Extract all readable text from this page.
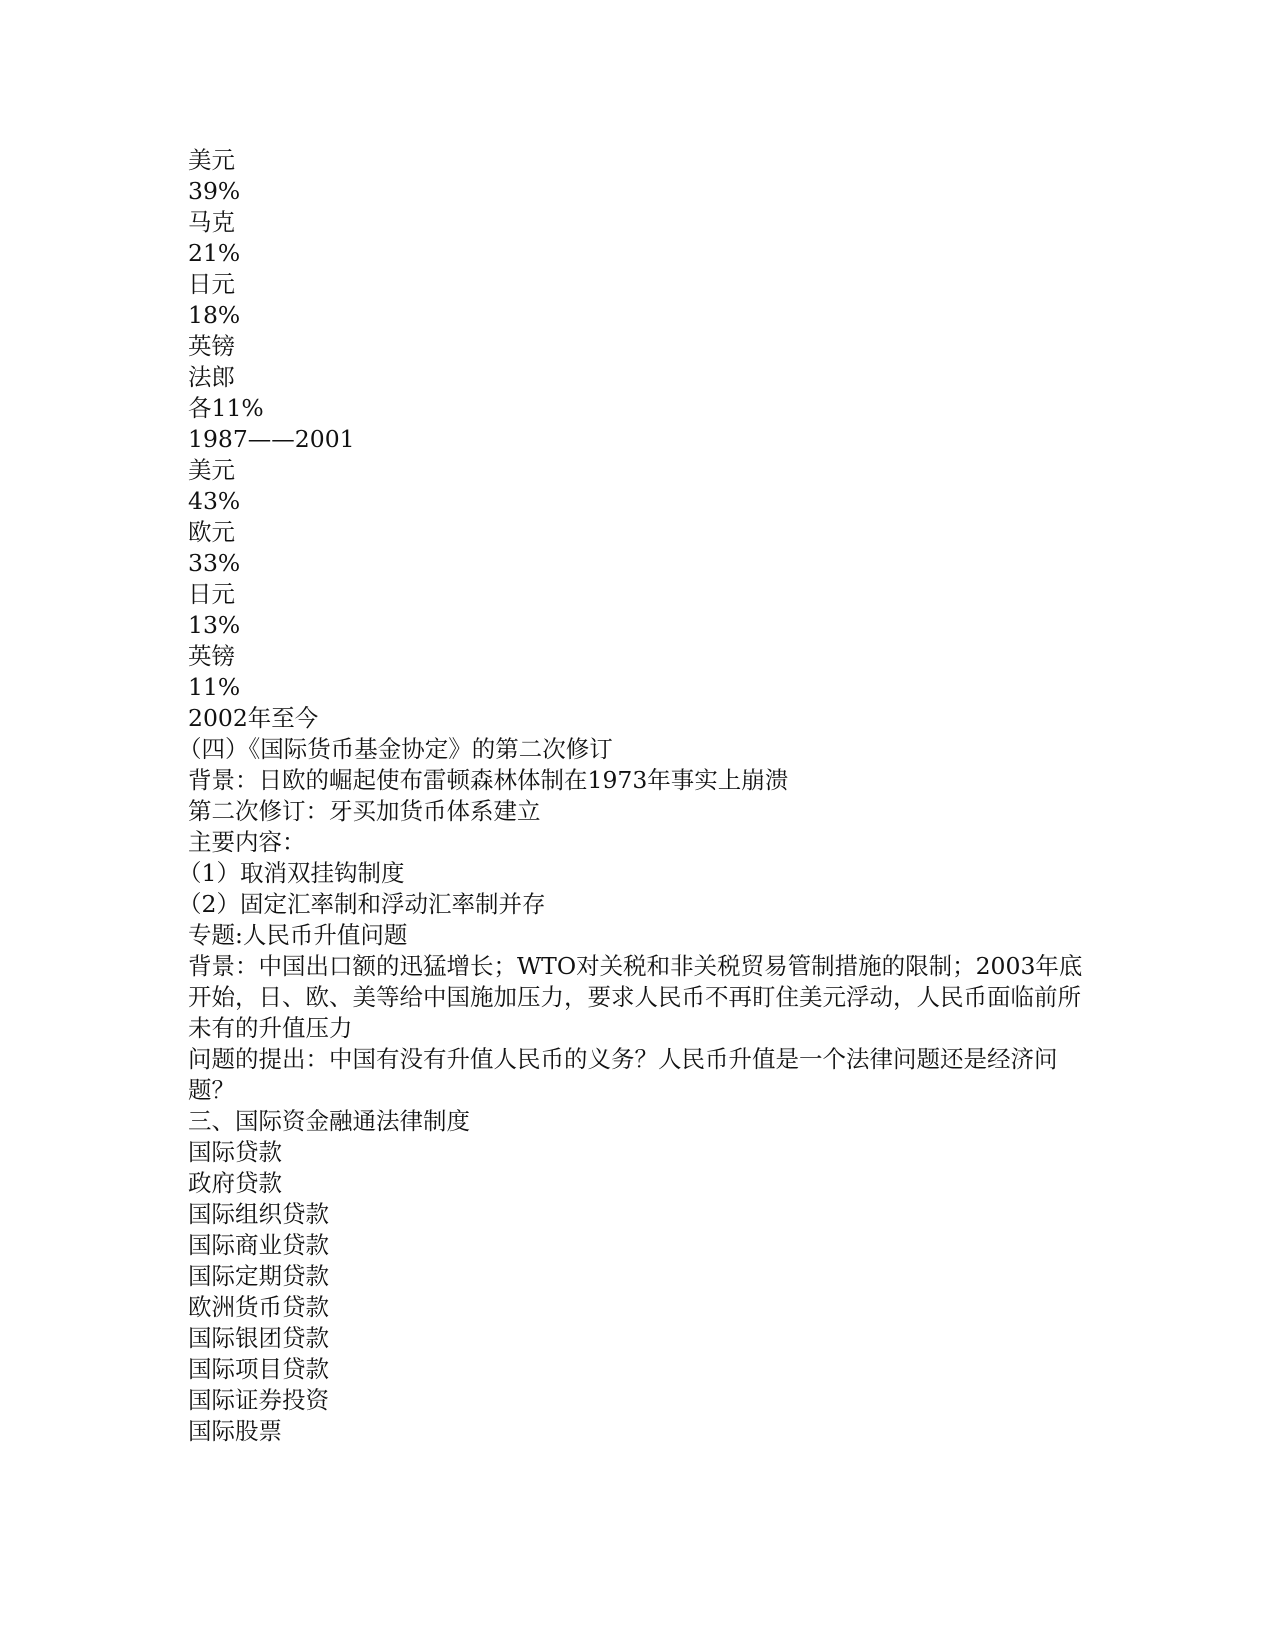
美元
39%
马克
21%
日元
18%
英镑
法郎
各11%
1987——2001
美元
43%
欧元
33%
日元
13%
英镑
11%
2002年至今
（四）《国际货币基金协定》的第二次修订
背景：日欧的崛起使布雷顿森林体制在1973年事实上崩溃
第二次修订：牙买加货币体系建立
主要内容：
（1）取消双挂钩制度
（2）固定汇率制和浮动汇率制并存
专题:人民币升值问题
背景：中国出口额的迅猛增长；WTO对关税和非关税贸易管制措施的限制；2003年底开始，日、欧、美等给中国施加压力，要求人民币不再盯住美元浮动，人民币面临前所未有的升值压力
问题的提出：中国有没有升值人民币的义务？人民币升值是一个法律问题还是经济问题？
三、国际资金融通法律制度
国际贷款
政府贷款
国际组织贷款
国际商业贷款
国际定期贷款
欧洲货币贷款
国际银团贷款
国际项目贷款
国际证券投资
国际股票
